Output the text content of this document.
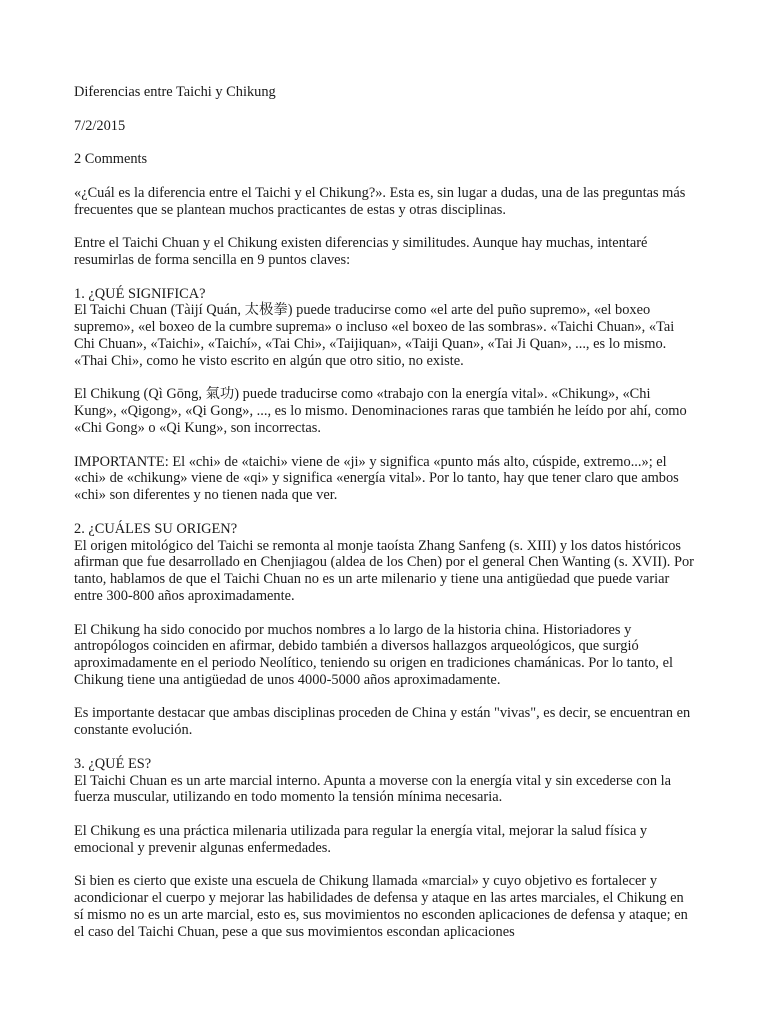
Diferencias entre Taichi y Chikung

7/2/2015

2 Comments

«¿Cuál es la diferencia entre el Taichi y el Chikung?». Esta es, sin lugar a dudas, una de las preguntas más frecuentes que se plantean muchos practicantes de estas y otras disciplinas.

Entre el Taichi Chuan y el Chikung existen diferencias y similitudes. Aunque hay muchas, intentaré resumirlas de forma sencilla en 9 puntos claves:

1. ¿QUÉ SIGNIFICA?

El Taichi Chuan (Tàijí Quán, 太极拳) puede traducirse como «el arte del puño supremo», «el boxeo supremo», «el boxeo de la cumbre suprema» o incluso «el boxeo de las sombras». «Taichi Chuan», «Tai Chi Chuan», «Taichi», «Taichí», «Tai Chi», «Taijiquan», «Taiji Quan», «Tai Ji Quan», ..., es lo mismo. «Thai Chi», como he visto escrito en algún que otro sitio, no existe.

El Chikung (Qì Gōng, 氣功) puede traducirse como «trabajo con la energía vital». «Chikung», «Chi Kung», «Qigong», «Qi Gong», ..., es lo mismo. Denominaciones raras que también he leído por ahí, como «Chi Gong» o «Qi Kung», son incorrectas.

IMPORTANTE: El «chi» de «taichi» viene de «ji» y significa «punto más alto, cúspide, extremo...»; el «chi» de «chikung» viene de «qi» y significa «energía vital». Por lo tanto, hay que tener claro que ambos «chi» son diferentes y no tienen nada que ver.

2. ¿CUÁLES SU ORIGEN?

El origen mitológico del Taichi se remonta al monje taoísta Zhang Sanfeng (s. XIII) y los datos históricos afirman que fue desarrollado en Chenjiagou (aldea de los Chen) por el general Chen Wanting (s. XVII). Por tanto, hablamos de que el Taichi Chuan no es un arte milenario y tiene una antigüedad que puede variar entre 300-800 años aproximadamente.

El Chikung ha sido conocido por muchos nombres a lo largo de la historia china. Historiadores y antropólogos coinciden en afirmar, debido también a diversos hallazgos arqueológicos, que surgió aproximadamente en el periodo Neolítico, teniendo su origen en tradiciones chamánicas. Por lo tanto, el Chikung tiene una antigüedad de unos 4000-5000 años aproximadamente.

Es importante destacar que ambas disciplinas proceden de China y están "vivas", es decir, se encuentran en constante evolución.

3. ¿QUÉ ES?

El Taichi Chuan es un arte marcial interno. Apunta a moverse con la energía vital y sin excederse con la fuerza muscular, utilizando en todo momento la tensión mínima necesaria.

El Chikung es una práctica milenaria utilizada para regular la energía vital, mejorar la salud física y emocional y prevenir algunas enfermedades.

Si bien es cierto que existe una escuela de Chikung llamada «marcial» y cuyo objetivo es fortalecer y acondicionar el cuerpo y mejorar las habilidades de defensa y ataque en las artes marciales, el Chikung en sí mismo no es un arte marcial, esto es, sus movimientos no esconden aplicaciones de defensa y ataque; en el caso del Taichi Chuan, pese a que sus movimientos escondan aplicaciones
